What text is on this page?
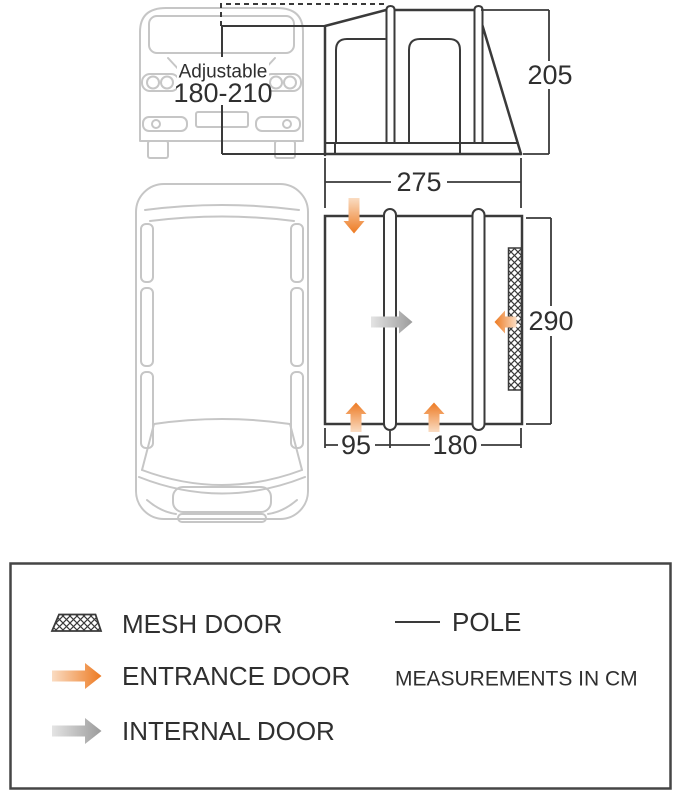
Adjustable
180-210
205
275
290
95 180
MESH DOOR
ENTRANCE DOOR
INTERNAL DOOR
POLE
MEASUREMENTS IN CM
